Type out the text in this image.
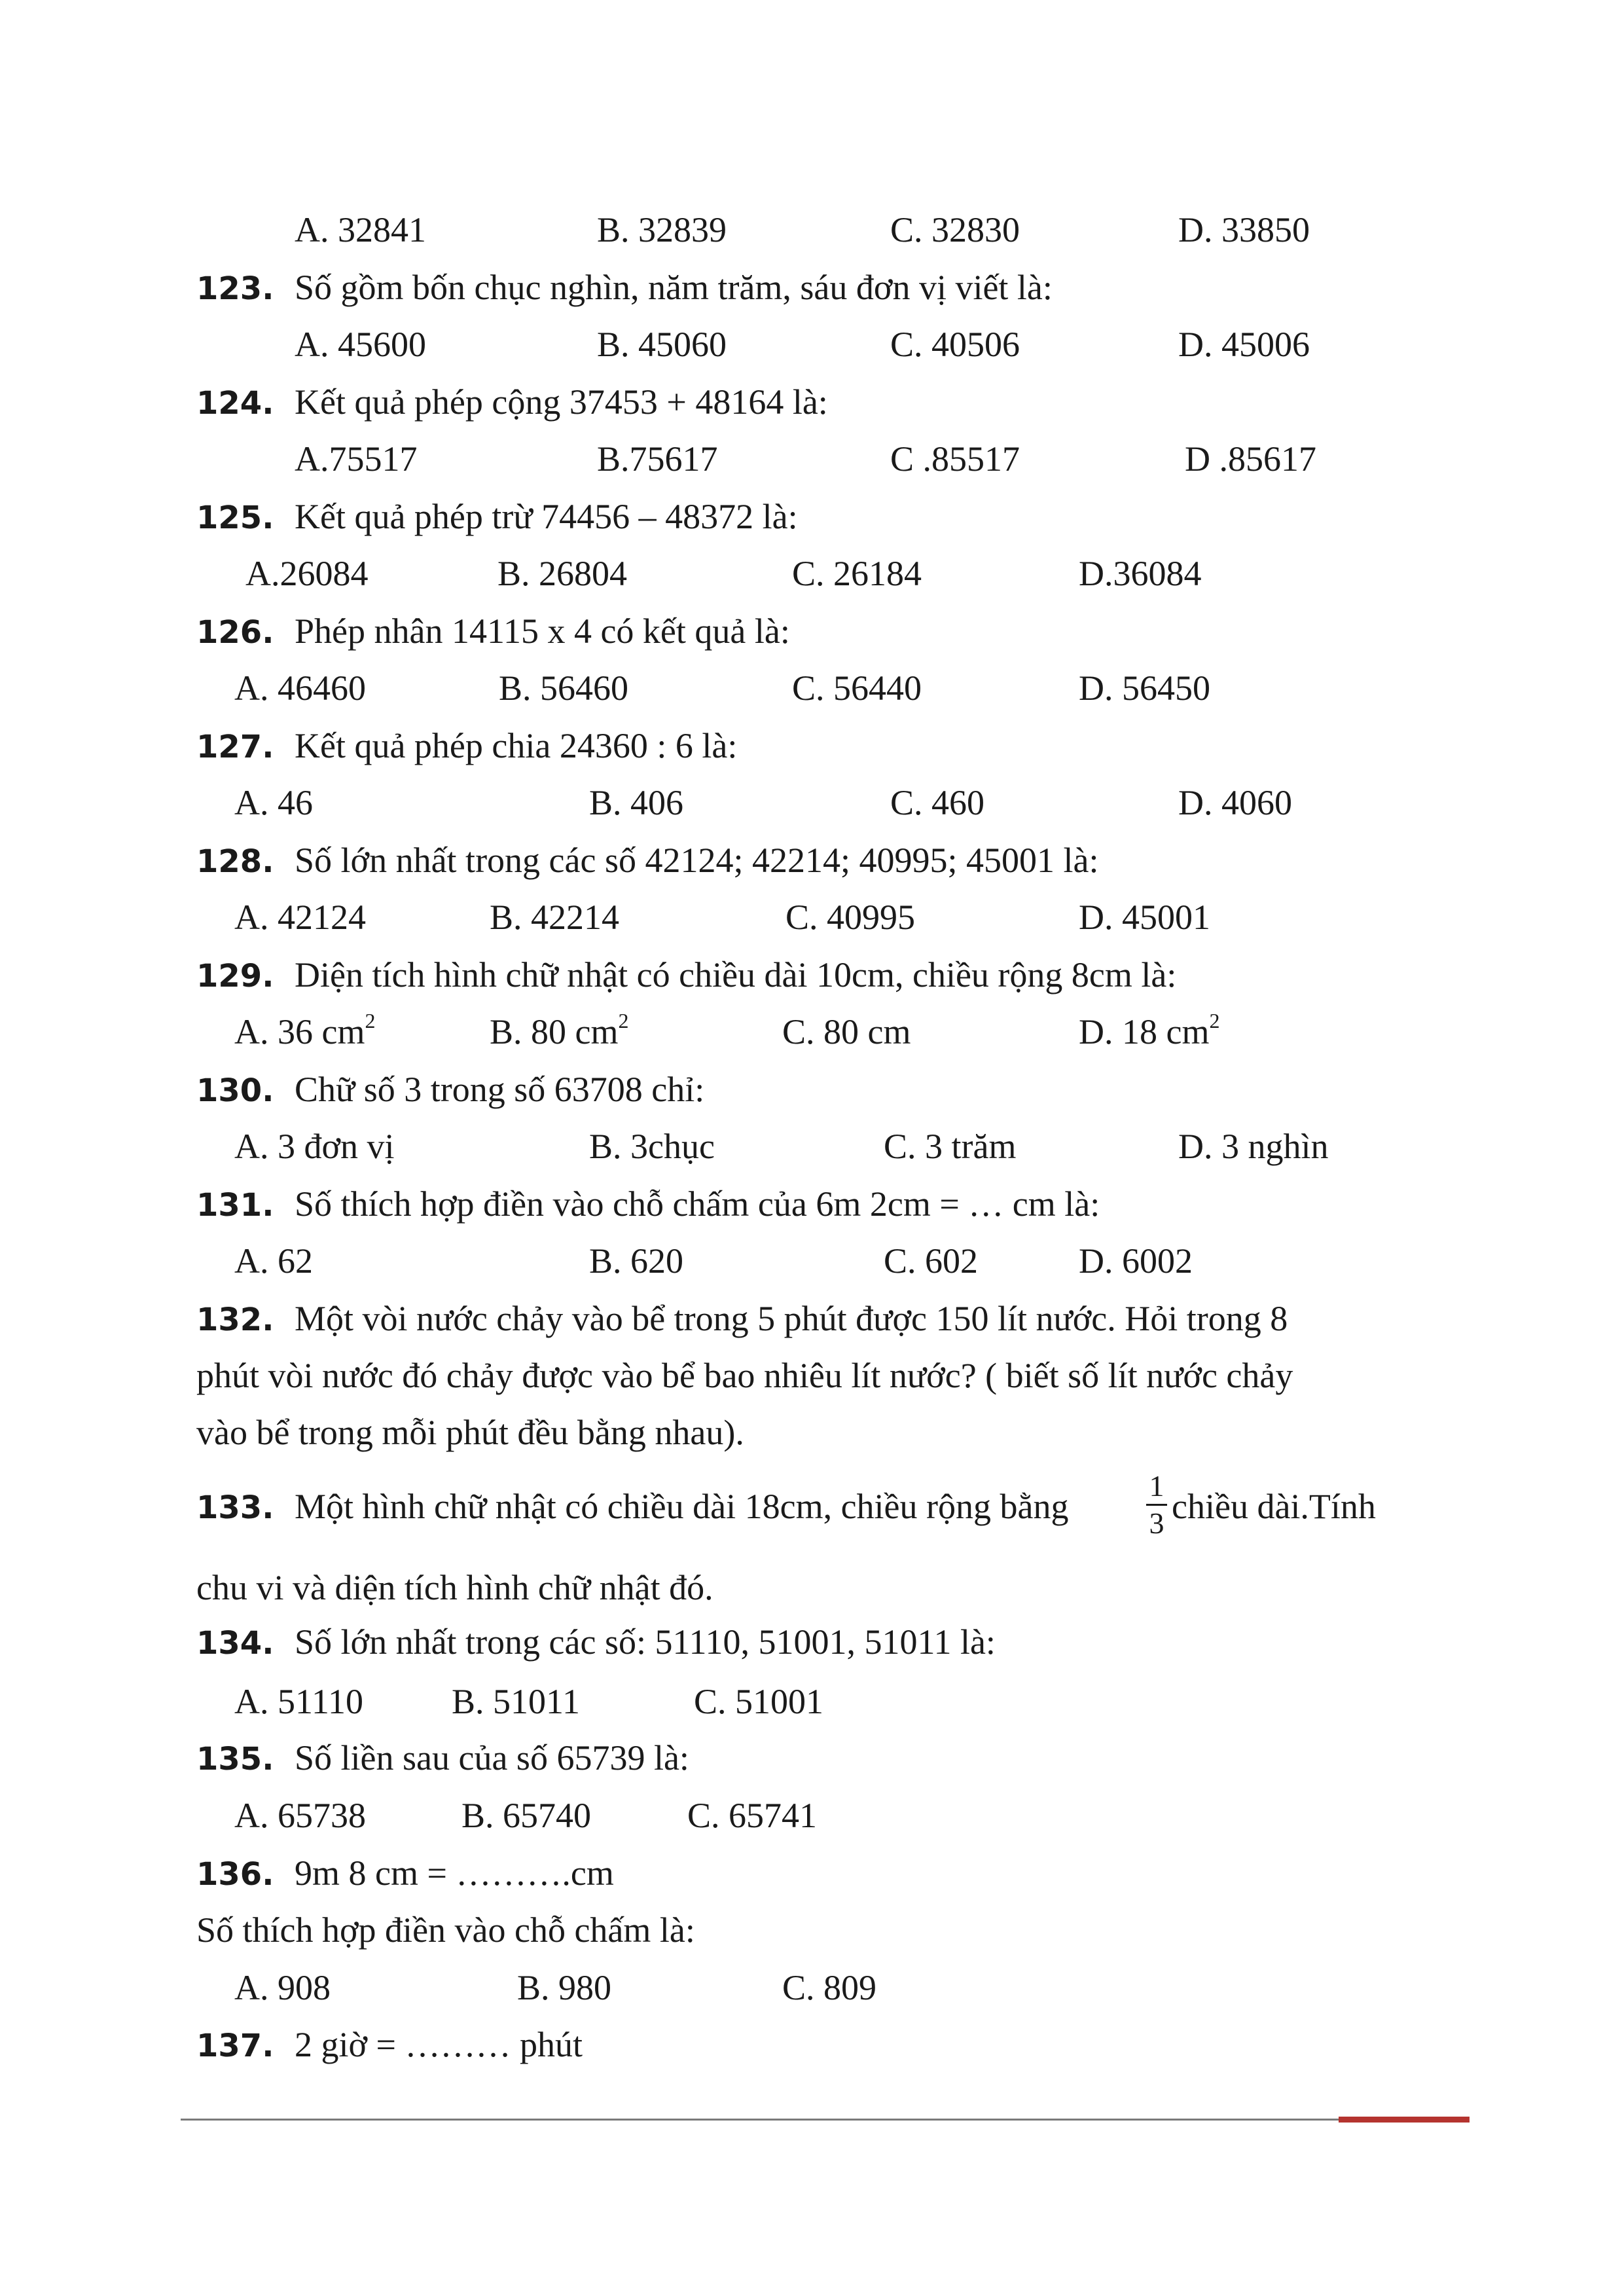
A. 32841	B. 32839	C. 32830	D. 33850
123. Số gồm bốn chục nghìn, năm trăm, sáu đơn vị viết là:
A. 45600	B. 45060	C. 40506	D. 45006
124. Kết quả phép cộng 37453 + 48164 là:
A.75517	B.75617	C .85517	D .85617
125. Kết quả phép trừ 74456 – 48372 là:
A.26084	B. 26804	C. 26184	D.36084
126. Phép nhân 14115 x 4 có kết quả là:
A. 46460	B. 56460	C. 56440	D. 56450
127. Kết quả phép chia 24360 : 6 là:
A. 46	B. 406	C. 460	D. 4060
128. Số lớn nhất trong các số 42124; 42214; 40995; 45001 là:
A. 42124	B. 42214	C. 40995	D. 45001
129. Diện tích hình chữ nhật có chiều dài 10cm, chiều rộng 8cm là:
A. 36 $cm^2$	B. 80 $cm^2$	C. 80 cm	D. 18 $cm^2$
130. Chữ số 3 trong số 63708 chỉ:
A. 3 đơn vị	B. 3chục	C. 3 trăm	D. 3 nghìn
131. Số thích hợp điền vào chỗ chấm của 6m 2cm = … cm là:
A. 62	B. 620	C. 602	D. 6002
132. Một vòi nước chảy vào bể trong 5 phút được 150 lít nước. Hỏi trong 8
phút vòi nước đó chảy được vào bể bao nhiêu lít nước? ( biết số lít nước chảy
vào bể trong mỗi phút đều bằng nhau).
133. Một hình chữ nhật có chiều dài 18cm, chiều rộng bằng
1
3 chiều dài.Tính
chu vi và diện tích hình chữ nhật đó.
134. Số lớn nhất trong các số: 51110, 51001, 51011 là:
A. 51110	B. 51011	C. 51001
135. Số liền sau của số 65739 là:
A. 65738	B. 65740	C. 65741
136. 9m 8 cm = ……….cm
Số thích hợp điền vào chỗ chấm là:
A. 908	B. 980	C. 809
137. 2 giờ = ……… phút
